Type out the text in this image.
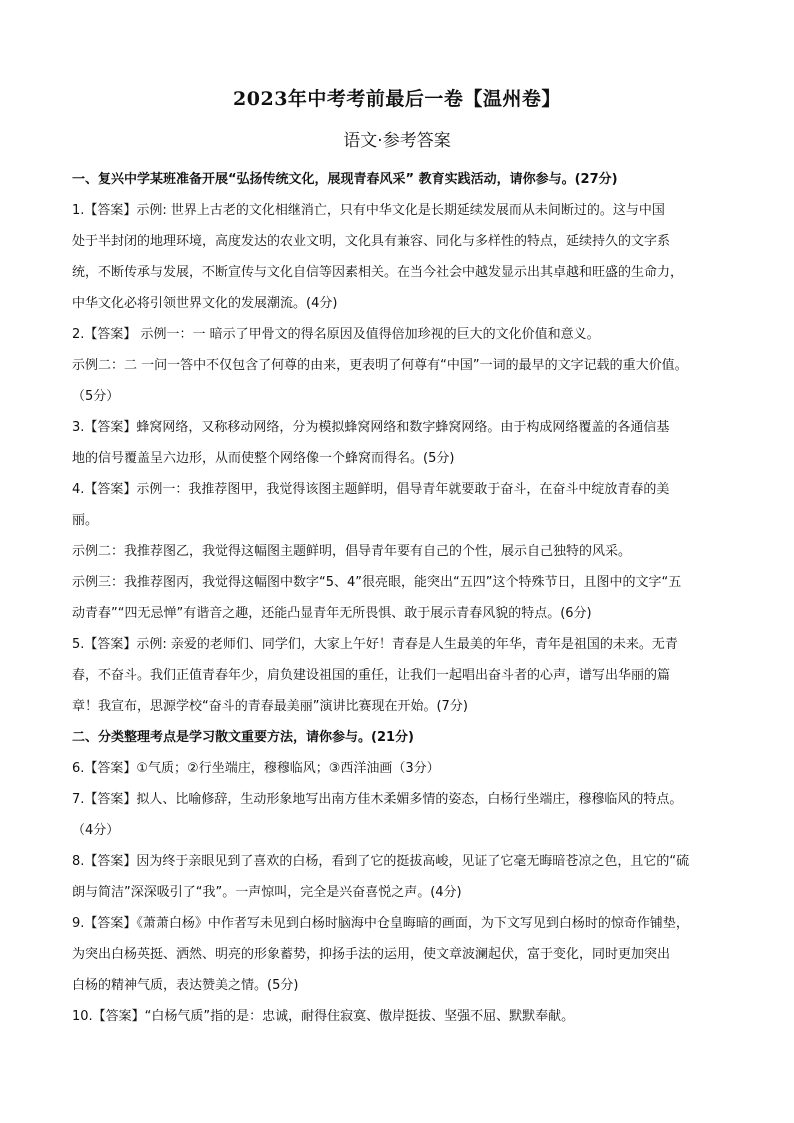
2023年中考考前最后一卷【温州卷】
语文·参考答案
一、复兴中学某班准备开展“弘扬传统文化，展现青春风采” 教育实践活动，请你参与。(27分)
1.【答案】示例: 世界上古老的文化相继消亡，只有中华文化是长期延续发展而从未间断过的。这与中国
处于半封闭的地理环境，高度发达的农业文明，文化具有兼容、同化与多样性的特点，延续持久的文字系
统，不断传承与发展，不断宣传与文化自信等因素相关。在当今社会中越发显示出其卓越和旺盛的生命力，
中华文化必将引领世界文化的发展潮流。(4分)
2.【答案】 示例一：一 暗示了甲骨文的得名原因及值得倍加珍视的巨大的文化价值和意义。
示例二：二 一问一答中不仅包含了何尊的由来，更表明了何尊有“中国”一词的最早的文字记载的重大价值。
（5分）
3.【答案】蜂窝网络，又称移动网络，分为模拟蜂窝网络和数字蜂窝网络。由于构成网络覆盖的各通信基
地的信号覆盖呈六边形，从而使整个网络像一个蜂窝而得名。(5分)
4.【答案】示例一：我推荐图甲，我觉得该图主题鲜明，倡导青年就要敢于奋斗，在奋斗中绽放青春的美
丽。
示例二：我推荐图乙，我觉得这幅图主题鲜明，倡导青年要有自己的个性，展示自己独特的风采。
示例三：我推荐图丙，我觉得这幅图中数字“5、4”很亮眼，能突出“五四”这个特殊节日，且图中的文字“五
动青春”“四无忌惮”有谐音之趣，还能凸显青年无所畏惧、敢于展示青春风貌的特点。(6分)
5.【答案】示例: 亲爱的老师们、同学们，大家上午好！青春是人生最美的年华，青年是祖国的未来。无青
春，不奋斗。我们正值青春年少，肩负建设祖国的重任，让我们一起唱出奋斗者的心声，谱写出华丽的篇
章！我宣布，思源学校“奋斗的青春最美丽”演讲比赛现在开始。(7分)
二、分类整理考点是学习散文重要方法，请你参与。(21分)
6.【答案】①气质；②行坐端庄，穆穆临风；③西洋油画（3分）
7.【答案】拟人、比喻修辞，生动形象地写出南方佳木柔媚多情的姿态，白杨行坐端庄，穆穆临风的特点。
（4分）
8.【答案】因为终于亲眼见到了喜欢的白杨，看到了它的挺拔高峻，见证了它毫无晦暗苍凉之色，且它的“硫
朗与简洁”深深吸引了“我”。一声惊叫，完全是兴奋喜悦之声。(4分)
9.【答案】《萧萧白杨》中作者写未见到白杨时脑海中仓皇晦暗的画面，为下文写见到白杨时的惊奇作铺垫，
为突出白杨英挺、洒然、明亮的形象蓄势，抑扬手法的运用，使文章波澜起伏，富于变化，同时更加突出
白杨的精神气质，表达赞美之情。(5分)
10.【答案】“白杨气质”指的是：忠诚，耐得住寂寞、傲岸挺拔、坚强不屈、默默奉献。
